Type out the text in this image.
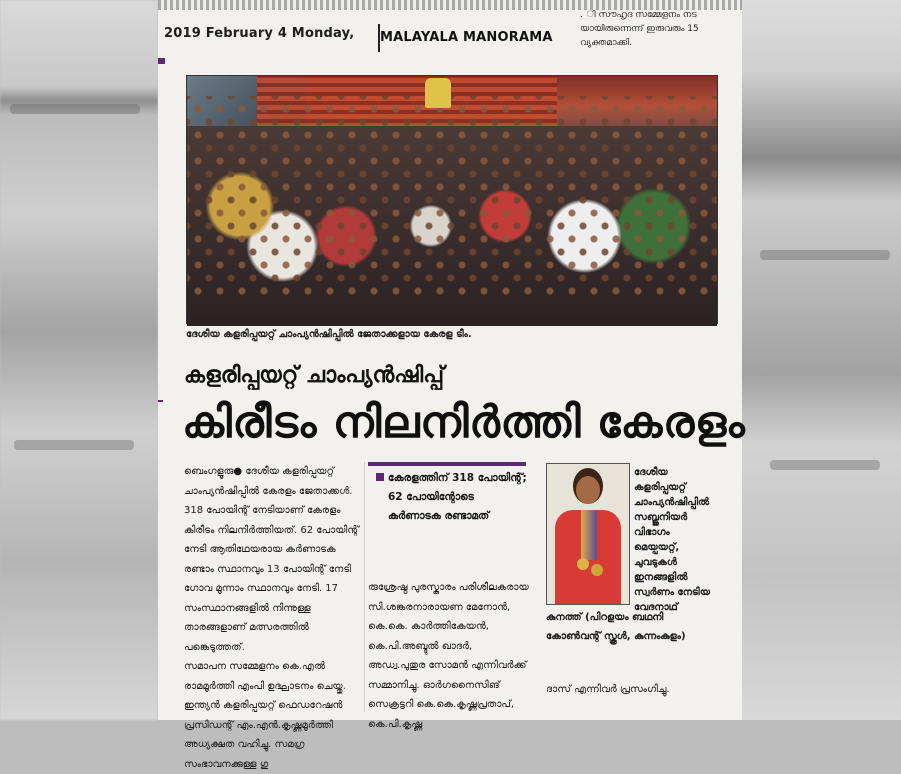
2019 February 4 Monday, MALAYALA MANORAMA
. ി സൗഹൃദ സമ്മേളനം നട യായിരുന്നെന്ന് ഇരുവരും 15 വ്യക്തമാക്കി.
ദേശീയ കളരിപ്പയറ്റ് ചാംപ്യൻഷിപ്പിൽ ജേതാക്കളായ കേരള ടീം.
കളരിപ്പയറ്റ് ചാംപ്യൻഷിപ്പ്
കിരീടം നിലനിർത്തി കേരളം

ബെംഗളൂരു● ദേശീയ കളരിപ്പയറ്റ് ചാംപ്യൻഷിപ്പിൽ കേരളം ജേതാക്കൾ. 318 പോയിന്റ് നേടിയാണ് കേരളം കിരീടം നിലനിർത്തിയത്. 62 പോയിന്റ് നേടി ആതിഥേയരായ കർണാടക രണ്ടാം സ്ഥാനവും 13 പോയിന്റ് നേടി ഗോവ മൂന്നാം സ്ഥാനവും നേടി. 17 സംസ്ഥാനങ്ങളിൽ നിന്നുള്ള താരങ്ങളാണ് മത്സരത്തിൽ പങ്കെടുത്തത്.

സമാപന സമ്മേളനം കെ.എൽ രാമമൂർത്തി എംപി ഉദ്ഘാടനം ചെയ്തു.

ഇന്ത്യൻ കളരിപ്പയറ്റ് ഫെഡറേഷൻ പ്രസിഡന്റ് എം.എൻ.കൃഷ്ണമൂർത്തി അധ്യക്ഷത വഹിച്ചു. സമഗ്ര സംഭാവനക്കുള്ള ഗു

കേരളത്തിന് 318 പോയിന്റ്; 62 പോയിന്റോടെ കർണാടക രണ്ടാമത്
രുശ്രേഷ്ഠ പുരസ്കാരം പരിശീലകരായ സി.ശങ്കരനാരായണ മേനോൻ, കെ.കെ. കാർത്തികേയൻ, കെ.പി.അബ്ദുൽ ഖാദർ, അഡ്വ.പുതുര സോമൻ എന്നിവർക്ക് സമ്മാനിച്ചു. ഓർഗനൈസിങ് സെക്രട്ടറി കെ.കെ.കൃഷ്ണപ്രതാപ്, കെ.പി.കൃഷ്ണ
ദേശീയ കളരിപ്പയറ്റ് ചാംപ്യൻഷിപ്പിൽ സബ്ജൂനിയർ വിഭാഗം മെയ്പയറ്റ്, ചുവടുകൾ ഇനങ്ങളിൽ സ്വർണം നേടിയ വേദനാഥ്
കുനത്ത് (പിറളയം ബഥനി കോൺവന്റ് സ്കൂൾ, കുന്നംകുളം)
ദാസ് എന്നിവർ പ്രസംഗിച്ചു.
